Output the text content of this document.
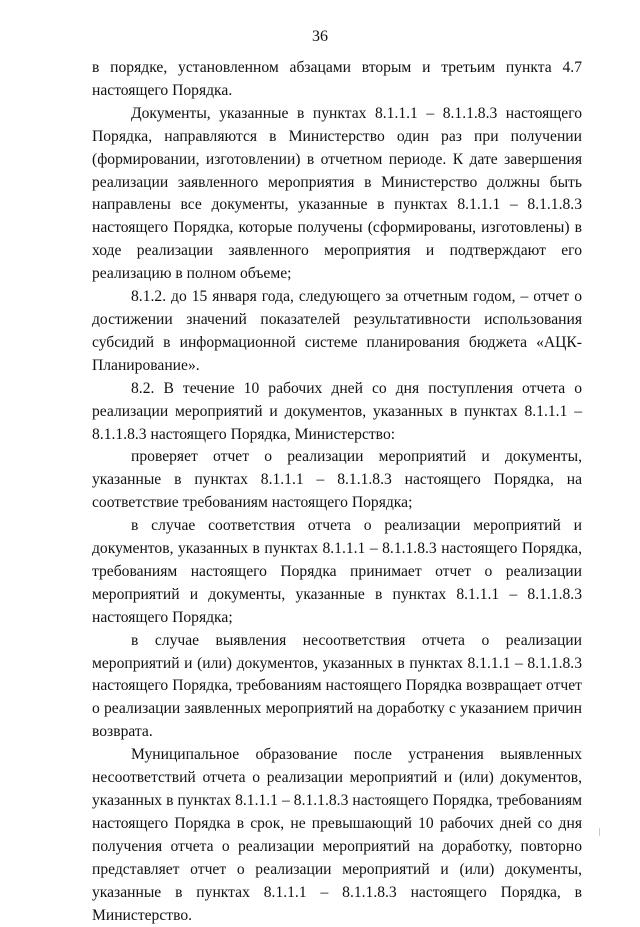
36

в порядке, установленном абзацами вторым и третьим пункта 4.7 настоящего Порядка.

Документы, указанные в пунктах 8.1.1.1 – 8.1.1.8.3 настоящего Порядка, направляются в Министерство один раз при получении (формировании, изготовлении) в отчетном периоде. К дате завершения реализации заявленного мероприятия в Министерство должны быть направлены все документы, указанные в пунктах 8.1.1.1 – 8.1.1.8.3 настоящего Порядка, которые получены (сформированы, изготовлены) в ходе реализации заявленного мероприятия и подтверждают его реализацию в полном объеме;

8.1.2. до 15 января года, следующего за отчетным годом, – отчет о достижении значений показателей результативности использования субсидий в информационной системе планирования бюджета «АЦК-Планирование».

8.2. В течение 10 рабочих дней со дня поступления отчета о реализации мероприятий и документов, указанных в пунктах 8.1.1.1 – 8.1.1.8.3 настоящего Порядка, Министерство:

проверяет отчет о реализации мероприятий и документы, указанные в пунктах 8.1.1.1 – 8.1.1.8.3 настоящего Порядка, на соответствие требованиям настоящего Порядка;

в случае соответствия отчета о реализации мероприятий и документов, указанных в пунктах 8.1.1.1 – 8.1.1.8.3 настоящего Порядка, требованиям настоящего Порядка принимает отчет о реализации мероприятий и документы, указанные в пунктах 8.1.1.1 – 8.1.1.8.3 настоящего Порядка;

в случае выявления несоответствия отчета о реализации мероприятий и (или) документов, указанных в пунктах 8.1.1.1 – 8.1.1.8.3 настоящего Порядка, требованиям настоящего Порядка возвращает отчет о реализации заявленных мероприятий на доработку с указанием причин возврата.

Муниципальное образование после устранения выявленных несоответствий отчета о реализации мероприятий и (или) документов, указанных в пунктах 8.1.1.1 – 8.1.1.8.3 настоящего Порядка, требованиям настоящего Порядка в срок, не превышающий 10 рабочих дней со дня получения отчета о реализации мероприятий на доработку, повторно представляет отчет о реализации мероприятий и (или) документы, указанные в пунктах 8.1.1.1 – 8.1.1.8.3 настоящего Порядка, в Министерство.
